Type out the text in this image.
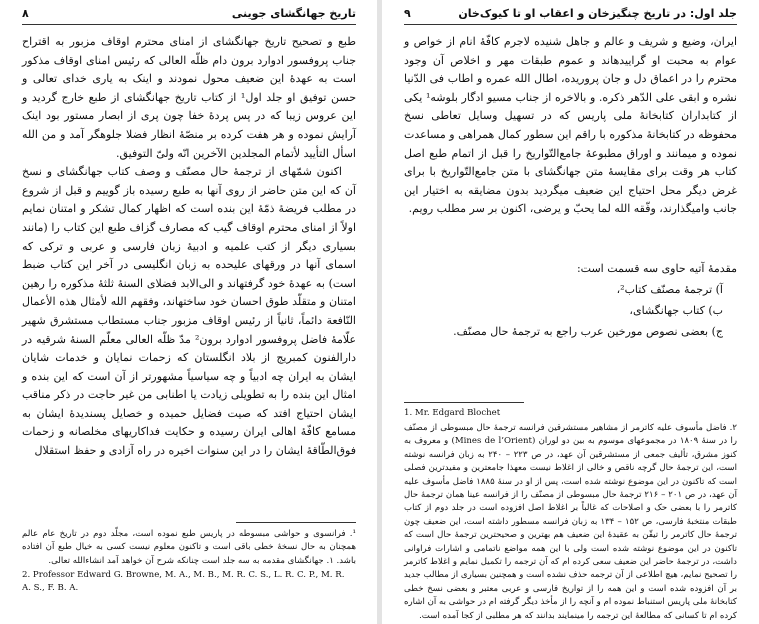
تاریخ جهانگشای جوینی
٨

طبع و تصحیح تاریخ جهانگشای از امنای محترم اوقاف مزبور به اقتراح جناب پروفسور ادوارد برون دام ظلّه العالی که رئیس امنای اوقاف مذکور است به عهدهٔ این ضعیف محول نمودند و اینک به یاری خدای تعالی و حسن توفیق او جلد اول¹ از کتاب تاریخ جهانگشای از طبع خارج گردید و این عروس زیبا که در پس پردهٔ خفا چون پری از ابصار مستور بود اینک آرایش نموده و هر هفت کرده بر منصّهٔ انظار فضلا جلوهگر آمد و من الله اسأل التأیید لأتمام المجلدین الآخرین انّه ولیّ التوفیق.

اکنون شمّهای از ترجمهٔ حال مصنّف و وصف کتاب جهانگشای و نسخ آن که این متن حاضر از روی آنها به طبع رسیده باز گوییم و قبل از شروع در مطلب فریضهٔ ذمّهٔ این بنده است که اظهار کمال تشکر و امتنان نمایم اولاً از امنای محترم اوقاف گیب که مصارف گزاف طبع این کتاب را (مانند بسیاری دیگر از کتب علمیه و ادبیهٔ زبان فارسی و عربی و ترکی که اسمای آنها در ورقهای علیحده به زبان انگلیسی در آخر این کتاب ضبط است) به عهدهٔ خود گرفتهاند و الی‌الابد فضلای السنهٔ ثلثهٔ مذکوره را رهین امتنان و متقلّد طوق احسان خود ساختهاند، وفقهم الله لأمثال هذه الأعمال النّافعة دائماً، ثانیاً از رئیس اوقاف مزبور جناب مستطاب مستشرق شهیر علّامهٔ فاضل پروفسور ادوارد برون² مدّ ظلّه العالی معلّم السنهٔ شرقیه در دارالفنون کمبریج از بلاد انگلستان که زحمات نمایان و خدمات شایان ایشان به ایران چه ادبیاً و چه سیاسیاً مشهورتر از آن است که این بنده و امثال این بنده را به تطویلی زیادت یا اطنابی من غیر حاجت در ذکر مناقب ایشان احتیاج افتد که صیت فضایل حمیده و خصایل پسندیدهٔ ایشان به مسامع کافّهٔ اهالی ایران رسیده و حکایت فداکاریهای مخلصانه و زحمات فوق‌الطّاقهٔ ایشان را در این سنوات اخیره در راه آزادی و حفظ استقلال

¹. فرانسوی و حواشی مبسوطه در پاریس طبع نموده است، مجلّد دوم در تاریخ عام عالم همچنان به حال نسخهٔ خطی باقی است و تاکنون معلوم نیست کسی به خیال طبع آن افتاده باشد. ۱. جهانگشای مقدمه به سه جلد است چنانکه شرح آن خواهد آمد انشاءالله تعالی.
2. Professor Edward G. Browne, M. A., M. B., M. R. C. S., L. R. C. P., M. R. A. S., F. B. A.
جلد اول: در تاریخ چنگیزخان و اعقاب او تا کیوک‌خان
٩

ایران، وضیع و شریف و عالم و جاهل شنیده لاجرم کافّهٔ انام از خواص و عوام به محبت او گراییدهاند و عموم طبقات مهر و اخلاص آن وجود محترم را در اعماق دل و جان پروریده، اطال الله عمره و اطاب فی الدّنیا نشره و ابقی علی الدّهر ذکره. و بالاخره از جناب مسیو ادگار بلوشه¹ یکی از کتابداران کتابخانهٔ ملی پاریس که در تسهیل وسایل تعاطی نسخ محفوظه در کتابخانهٔ مذکوره با راقم این سطور کمال همراهی و مساعدت نموده و میمانند و اوراق مطبوعهٔ جامع‌التّواریخ را قبل از اتمام طبع اصل کتاب هر وقت برای مقایسهٔ متن جهانگشای با متن جامع‌التّواریخ با برای غرض دیگر محل احتیاج این ضعیف میگردید بدون مضایقه به اختیار این جانب وامیگذارند، وفّقه الله لما یحبّ و یرضی، اکنون بر سر مطلب رویم.

مقدمهٔ آتیه حاوی سه قسمت است:
آ) ترجمهٔ مصنّف کتاب²،
ب) کتاب جهانگشای،
ج) بعضی نصوص مورخین عرب راجع به ترجمهٔ حال مصنّف.
1. Mr. Edgard Blochet
۲. فاضل مأسوف علیه کاترمر از مشاهیر مستشرقین فرانسه ترجمهٔ حال مبسوطی از مصنّف را در سنهٔ ۱۸۰۹ در مجموعهای موسوم به بین دو لوران (Mines de l’Orient) و معروف به کنوز مشرق، تألیف جمعی از مستشرقین آن عهد، در ص ۲۲۳ – ۲۴۰ به زبان فرانسه نوشته است، این ترجمهٔ حال گرچه ناقص و خالی از اغلاط نیست معهذا جامعترین و مفیدترین فصلی است که تاکنون در این موضوع نوشته شده است، پس از او در سنهٔ ۱۸۸۵ فاضل مأسوف علیه آن عهد، در ص ۲۰۱ – ۲۱۶ ترجمهٔ حال مبسوطی از مصنّف را از فرانسه عینا همان ترجمهٔ حال کاترمر را با بعضی حک و اصلاحات که غالباً بر اغلاط اصل افزوده است در جلد دوم از کتاب طبقات منتخبهٔ فارسی، ص ۱۵۲ – ۱۳۴ به زبان فرانسه مسطور داشته است، این ضعیف چون ترجمهٔ حال کاترمر را تیقّن به عقیدهٔ این ضعیف هم بهترین و صحیحترین ترجمهٔ حال است که تاکنون در این موضوع نوشته شده است ولی با این همه مواضع ناتمامی و اشارات فراوانی داشت، در ترجمهٔ حاضر این ضعیف سعی کرده ام که آن ترجمه را تکمیل نمایم و اغلاط کاترمر را تصحیح نمایم، هیچ اطلاعی از آن ترجمه حذف نشده است و همچنین بسیاری از مطالب جدید بر آن افزوده شده است و این همه را از تواریخ فارسی و عربی معتبر و بعضی نسخ خطی کتابخانهٔ ملی پاریس استنباط نموده ام و آنچه را از مأخذ دیگر گرفته ام در حواشی به آن اشاره کرده ام تا کسانی که مطالعهٔ این ترجمه را مینمایند بدانند که هر مطلبی از کجا آمده است.
